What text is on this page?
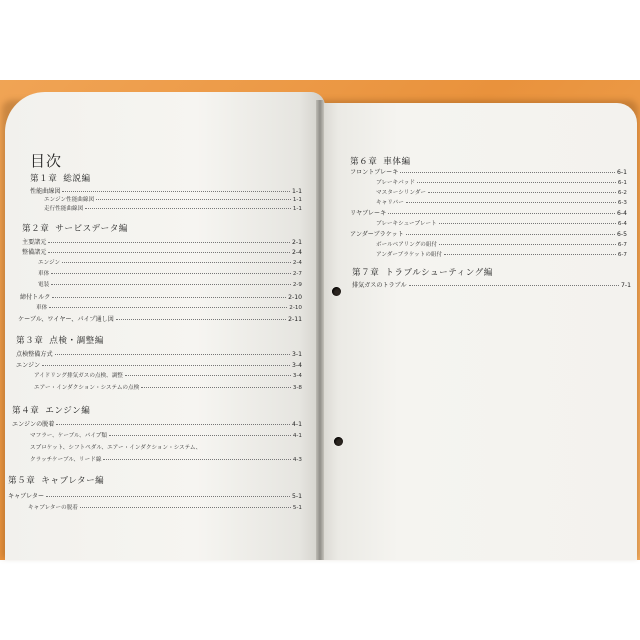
目次
第１章 総説編
性能曲線図	1-1
エンジン性能曲線図	1-1
走行性能曲線図	1-1
第２章 サービスデータ編
主要諸元	2-1
整備諸元	2-4
エンジン	2-4
車体	2-7
電装	2-9
締付トルク	2-10
車体	2-10
ケーブル、ワイヤー、パイプ通し図	2-11
第３章 点検・調整編
点検整備方式	3-1
エンジン	3-4
アイドリング排気ガスの点検、調整	3-4
エアー・インダクション・システムの点検	3-8
第４章 エンジン編
エンジンの脱着	4-1
マフラー、ケーブル、パイプ類	4-1
スプロケット、シフトペダル、エアー・インダクション・システム、
クラッチケーブル、リード線	4-3
第５章 キャブレター編
キャブレター	5-1
キャブレターの脱着	5-1
第６章 車体編
フロントブレーキ	6-1
ブレーキパッド	6-1
マスターシリンダー	6-2
キャリパー	6-3
リヤブレーキ	6-4
ブレーキシュープレート	6-4
アンダーブラケット	6-5
ボールベアリングの組付	6-7
アンダーブラケットの組付	6-7
第７章 トラブルシューティング編
排気ガスのトラブル	7-1
